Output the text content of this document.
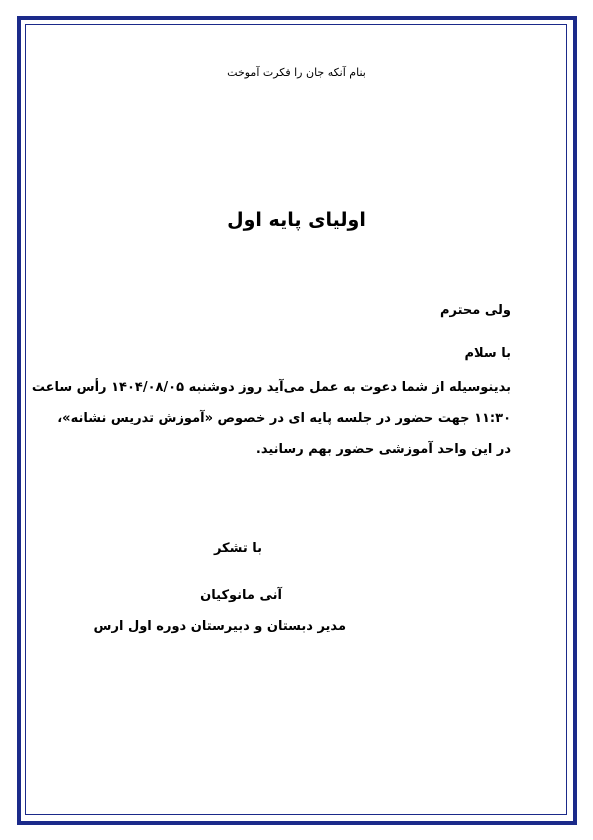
بنام آنکه جان را فکرت آموخت
اولیای پایه اول
ولی محترم
با سلام
بدینوسیله از شما دعوت به عمل می‌آید روز دوشنبه ۱۴۰۴/۰۸/۰۵ رأس ساعت
۱۱:۳۰ جهت حضور در جلسه پایه ای در خصوص «آموزش تدریس نشانه»،
در این واحد آموزشی حضور بهم رسانید.
با تشکر
آنی مانوکیان
مدیر دبستان و دبیرستان دوره اول ارس
